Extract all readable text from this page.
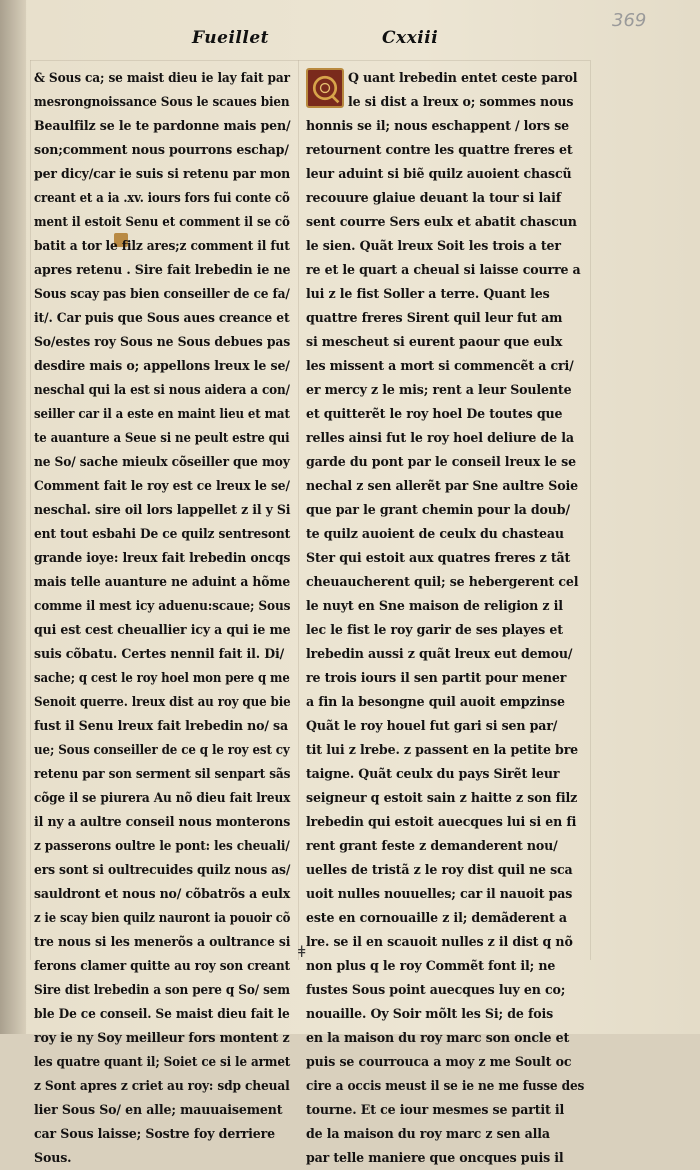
Fueillet	Cxxiii
369
& Sous ca; se maist dieu ie lay fait par
mesrongnoissance Sous le scaues bien
Beaulfilz se le te pardonne mais pen/
son;comment nous pourrons eschap/
per dicy/car ie suis si retenu par mon
creant et a ia .xv. iours fors fui conte cõ
ment il estoit Senu et comment il se cõ
batit a tor le filz ares;z comment il fut
apres retenu . Sire fait lrebedin ie ne
Sous scay pas bien conseiller de ce fa/
it/. Car puis que Sous aues creance et
So/estes roy Sous ne Sous debues pas
desdire mais o; appellons lreux le se/
neschal qui la est si nous aidera a con/
seiller car il a este en maint lieu et mat
te auanture a Seue si ne peult estre qui
ne So/ sache mieulx cõseiller que moy
Comment fait le roy est ce lreux le se/
neschal. sire oil lors lappellet z il y Si
ent tout esbahi De ce quilz sentresont
grande ioye: lreux fait lrebedin oncqs
mais telle auanture ne aduint a hõme
comme il mest icy aduenu:scaue; Sous
qui est cest cheuallier icy a qui ie me
suis cõbatu. Certes nennil fait il. Di/
sache; q cest le roy hoel mon pere q me
Senoit querre. lreux dist au roy que bie
fust il Senu lreux fait lrebedin no/ sa
ue; Sous conseiller de ce q le roy est cy
retenu par son serment sil senpart sãs
cõge il se piurera Au nõ dieu fait lreux
il ny a aultre conseil nous monterons
z passerons oultre le pont: les cheuali/
ers sont si oultrecuides quilz nous as/
sauldront et nous no/ cõbatrõs a eulx
z ie scay bien quilz nauront ia pouoir cõ
tre nous si les menerõs a oultrance si
ferons clamer quitte au roy son creant
Sire dist lrebedin a son pere q So/ sem
ble De ce conseil. Se maist dieu fait le
roy ie ny Soy meilleur fors montent z
les quatre quant il; Soiet ce si le armet
z Sont apres z criet au roy: sdp cheual
lier Sous So/ en alle; mauuaisement
car Sous laisse; Sostre foy derriere
Sous.
Q uant lrebedin entet ceste parol
le si dist a lreux o; sommes nous
honnis se il; nous eschappent / lors se
retournent contre les quattre freres et
leur aduint si biẽ quilz auoient chascũ
recouure glaiue deuant la tour si laif
sent courre Sers eulx et abatit chascun
le sien. Quãt lreux Soit les trois a ter
re et le quart a cheual si laisse courre a
lui z le fist Soller a terre. Quant les
quattre freres Sirent quil leur fut am
si mescheut si eurent paour que eulx
les missent a mort si commencẽt a cri/
er mercy z le mis; rent a leur Soulente
et quitterẽt le roy hoel De toutes que
relles ainsi fut le roy hoel deliure de la
garde du pont par le conseil lreux le se
nechal z sen allerẽt par Sne aultre Soie
que par le grant chemin pour la doub/
te quilz auoient de ceulx du chasteau
Ster qui estoit aux quatres freres z tãt
cheuaucherent quil; se hebergerent cel
le nuyt en Sne maison de religion z il
lec le fist le roy garir de ses playes et
lrebedin aussi z quãt lreux eut demou/
re trois iours il sen partit pour mener
a fin la besongne quil auoit empzinse
Quãt le roy houel fut gari si sen par/
tit lui z lrebe. z passent en la petite bre
taigne. Quãt ceulx du pays Sirẽt leur
seigneur q estoit sain z haitte z son filz
lrebedin qui estoit auecques lui si en fi
rent grant feste z demanderent nou/
uelles de tristã z le roy dist quil ne sca
uoit nulles nouuelles; car il nauoit pas
este en cornouaille z il; demãderent a
lre. se il en scauoit nulles z il dist q nõ
non plus q le roy Commẽt font il; ne
fustes Sous point auecques luy en co;
nouaille. Oy Soir mõlt les Si; de fois
en la maison du roy marc son oncle et
puis se courrouca a moy z me Soult oc
cire a occis meust il se ie ne me fusse des
tourne. Et ce iour mesmes se partit il
de la maison du roy marc z sen alla
par telle maniere que oncques puis il
ǂ
